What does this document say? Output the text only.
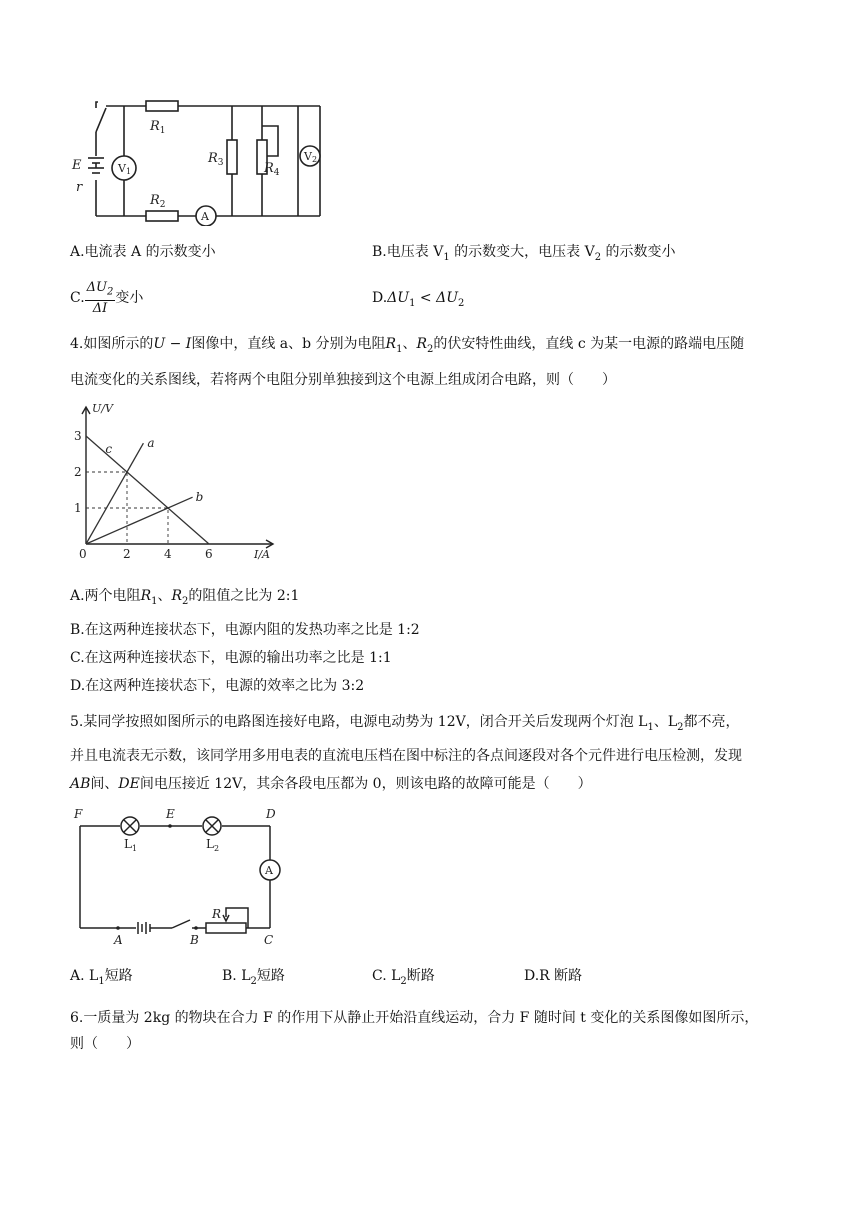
E
r
$R_1$
$R_2$
$R_3$	$R_4$
V1
V2
A
A.电流表 A 的示数变小	B.电压表 $V_1$ 的示数变大，电压表 $V_2$ 的示数变小
C. $\frac{\Delta U_2}{\Delta I}$ 变小	$D.\Delta U_1 < \Delta U_2$
4.如图所示的U − I图像中，直线 a、b 分别为电阻$R_1$、$R_2$的伏安特性曲线，直线 c 为某一电源的路端电压随
电流变化的关系图线，若将两个电阻分别单独接到这个电源上组成闭合电路，则（　　）
a
b
c
0	2	4	6
1
2
3
U/V
I/A
A.两个电阻$R_1$、$R_2$的阻值之比为 2:1
B.在这两种连接状态下，电源内阻的发热功率之比是 1:2
C.在这两种连接状态下，电源的输出功率之比是 1:1
D.在这两种连接状态下，电源的效率之比为 3:2
5.某同学按照如图所示的电路图连接好电路，电源电动势为 12V，闭合开关后发现两个灯泡 $L_1$、$L_2$都不亮，
并且电流表无示数，该同学用多用电表的直流电压档在图中标注的各点间逐段对各个元件进行电压检测，发现
AB间、DE间电压接近 12V，其余各段电压都为 0，则该电路的故障可能是（　　）
F	E	D
$L_1$	$L_2$
A
A	B	C
R
A. $L_1$短路	B. $L_2$短路	C. $L_2$断路	D.R 断路
6.一质量为 2kg 的物块在合力 F 的作用下从静止开始沿直线运动，合力 F 随时间 t 变化的关系图像如图所示，
则（　　）
